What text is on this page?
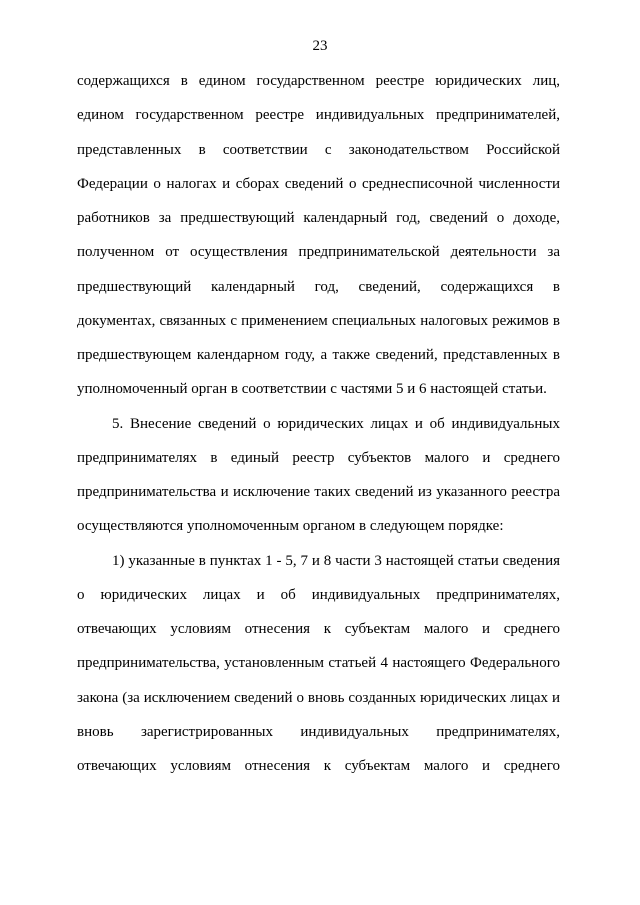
23
содержащихся в едином государственном реестре юридических лиц,
едином государственном реестре индивидуальных предпринимателей,
представленных в соответствии с законодательством Российской
Федерации о налогах и сборах сведений о среднесписочной численности
работников за предшествующий календарный год, сведений о доходе,
полученном от осуществления предпринимательской деятельности за
предшествующий календарный год, сведений, содержащихся в
документах, связанных с применением специальных налоговых режимов в
предшествующем календарном году, а также сведений, представленных в
уполномоченный орган в соответствии с частями 5 и 6 настоящей статьи.
5. Внесение сведений о юридических лицах и об индивидуальных
предпринимателях в единый реестр субъектов малого и среднего
предпринимательства и исключение таких сведений из указанного реестра
осуществляются уполномоченным органом в следующем порядке:
1) указанные в пунктах 1 - 5, 7 и 8 части 3 настоящей статьи сведения
о юридических лицах и об индивидуальных предпринимателях,
отвечающих условиям отнесения к субъектам малого и среднего
предпринимательства, установленным статьей 4 настоящего Федерального
закона (за исключением сведений о вновь созданных юридических лицах и
вновь зарегистрированных индивидуальных предпринимателях,
отвечающих условиям отнесения к субъектам малого и среднего
